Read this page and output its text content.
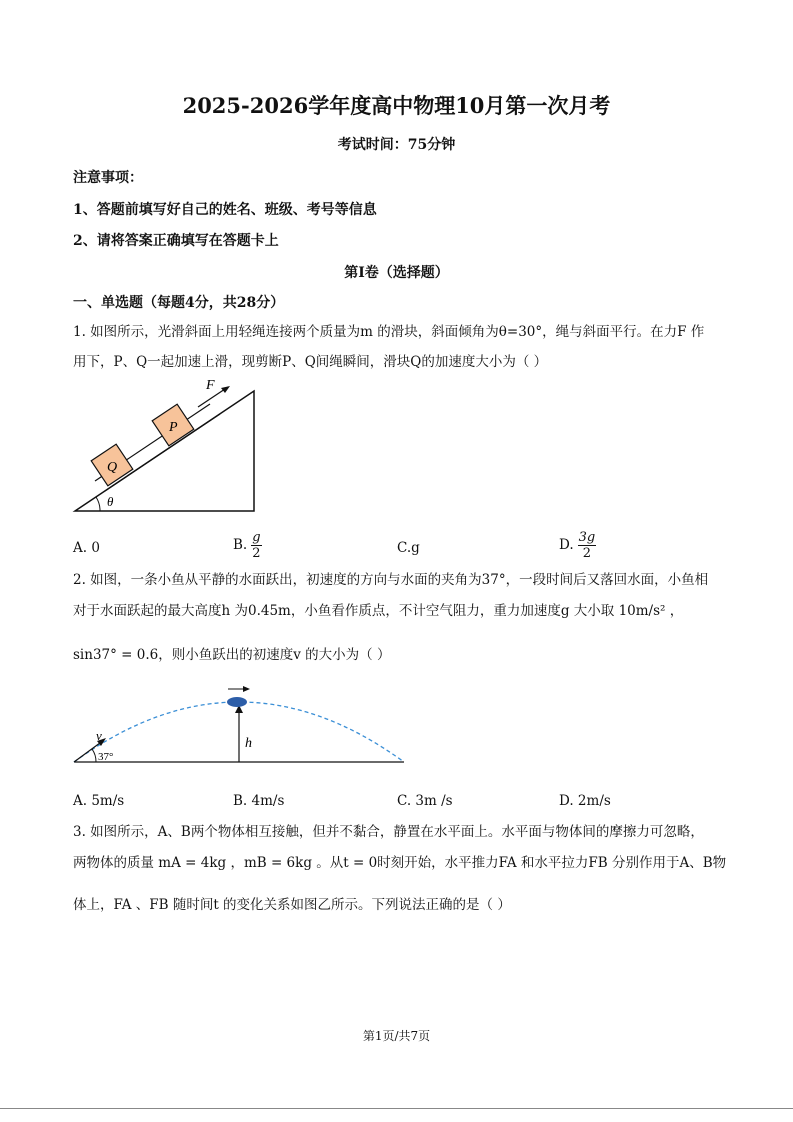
2025-2026学年度高中物理10月第一次月考
考试时间：75分钟
注意事项：
1、答题前填写好自己的姓名、班级、考号等信息
2、请将答案正确填写在答题卡上
第I卷（选择题）
一、单选题（每题4分，共28分）
1. 如图所示，光滑斜面上用轻绳连接两个质量为m 的滑块，斜面倾角为θ=30°，绳与斜面平行。在力F 作
用下，P、Q一起加速上滑，现剪断P、Q间绳瞬间，滑块Q的加速度大小为（ ）
Q
P
F
θ
A. 0	B. $\frac{g}{2}$	C.g	D. $\frac{3g}{2}$
2. 如图，一条小鱼从平静的水面跃出，初速度的方向与水面的夹角为37°，一段时间后又落回水面，小鱼相
对于水面跃起的最大高度h 为0.45m，小鱼看作质点，不计空气阻力，重力加速度g 大小取 10m/s² ，
sin37° = 0.6，则小鱼跃出的初速度v 的大小为（ ）
v
37°
h
A. 5m/s	B. 4m/s	C. 3m /s	D. 2m/s
3. 如图所示，A、B两个物体相互接触，但并不黏合，静置在水平面上。水平面与物体间的摩擦力可忽略，
两物体的质量 mA = 4kg ，mB = 6kg 。从t = 0时刻开始，水平推力FA 和水平拉力FB 分别作用于A、B物
体上，FA 、FB 随时间t 的变化关系如图乙所示。下列说法正确的是（ ）
第1页/共7页
